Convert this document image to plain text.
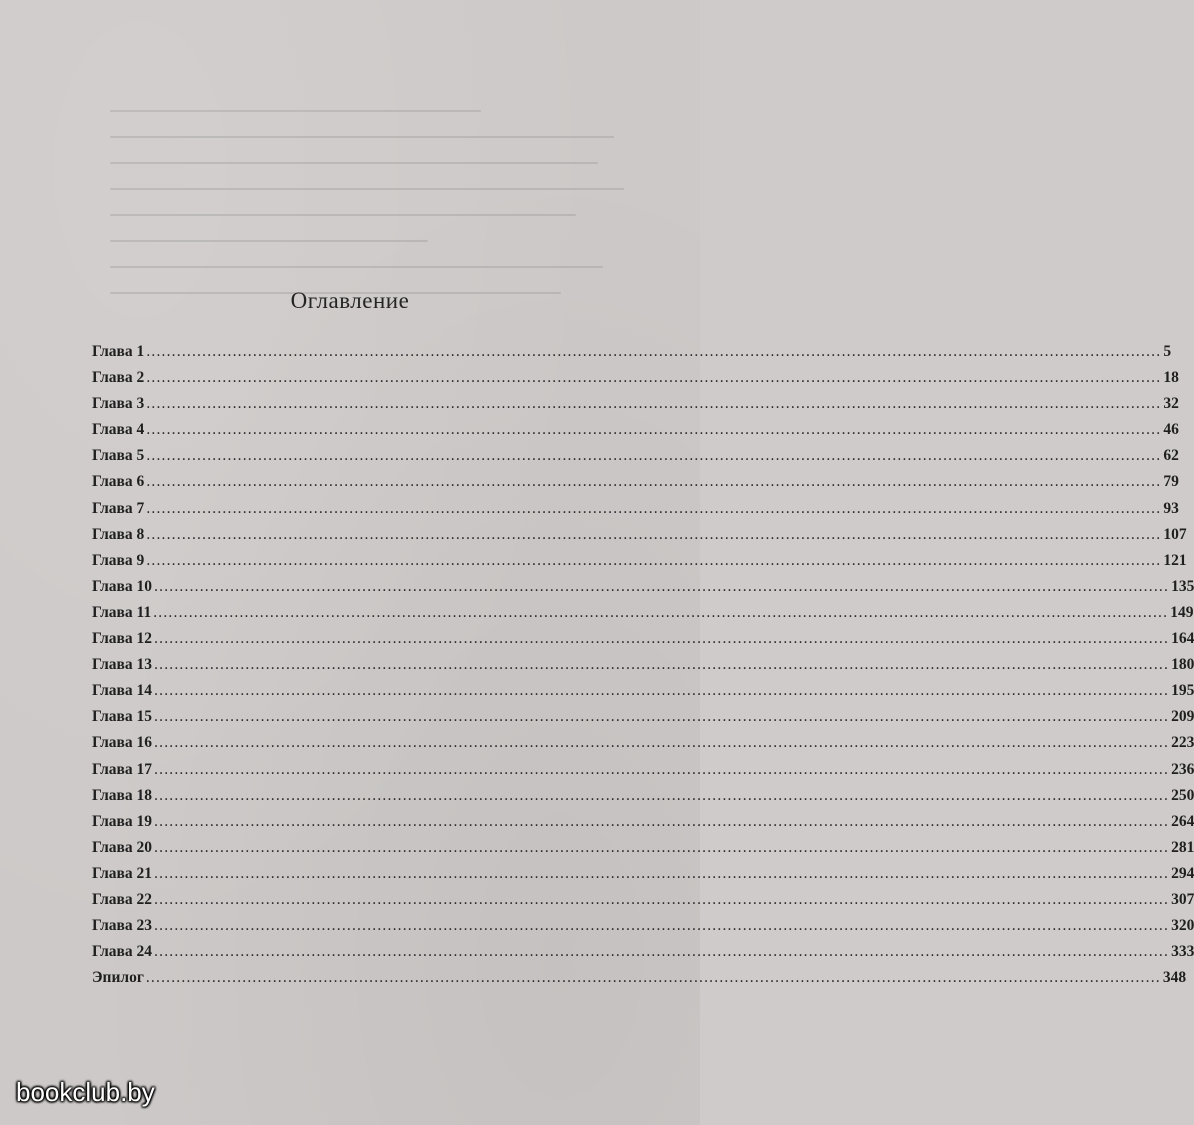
Оглавление
Глава 1 ........................................................................................................................................................................................................ 5
Глава 2 ........................................................................................................................................................................................................ 18
Глава 3 ........................................................................................................................................................................................................ 32
Глава 4 ........................................................................................................................................................................................................ 46
Глава 5 ........................................................................................................................................................................................................ 62
Глава 6 ........................................................................................................................................................................................................ 79
Глава 7 ........................................................................................................................................................................................................ 93
Глава 8 ........................................................................................................................................................................................................ 107
Глава 9 ........................................................................................................................................................................................................ 121
Глава 10 ........................................................................................................................................................................................................ 135
Глава 11 ........................................................................................................................................................................................................ 149
Глава 12 ........................................................................................................................................................................................................ 164
Глава 13 ........................................................................................................................................................................................................ 180
Глава 14 ........................................................................................................................................................................................................ 195
Глава 15 ........................................................................................................................................................................................................ 209
Глава 16 ........................................................................................................................................................................................................ 223
Глава 17 ........................................................................................................................................................................................................ 236
Глава 18 ........................................................................................................................................................................................................ 250
Глава 19 ........................................................................................................................................................................................................ 264
Глава 20 ........................................................................................................................................................................................................ 281
Глава 21 ........................................................................................................................................................................................................ 294
Глава 22 ........................................................................................................................................................................................................ 307
Глава 23 ........................................................................................................................................................................................................ 320
Глава 24 ........................................................................................................................................................................................................ 333
Эпилог ........................................................................................................................................................................................................ 348
bookclub.by
